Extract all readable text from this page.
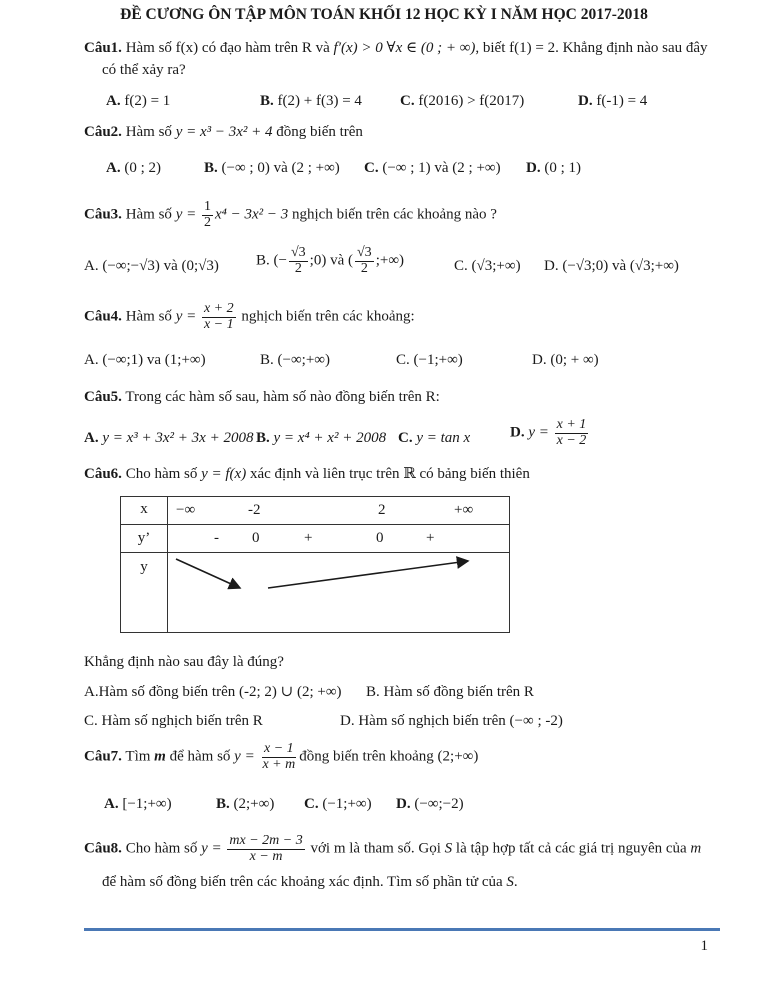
ĐỀ CƯƠNG ÔN TẬP MÔN TOÁN KHỐI 12 HỌC KỲ I NĂM HỌC 2017-2018
Câu1. Hàm số f(x) có đạo hàm trên R và f′(x) > 0 ∀x ∈ (0 ; + ∞), biết f(1) = 2. Khẳng định nào sau đây
có thể xảy ra?
A. f(2) = 1	B. f(2) + f(3) = 4	C. f(2016) > f(2017)	D. f(-1) = 4
Câu2. Hàm số y = x³ − 3x² + 4 đồng biến trên
A. (0 ; 2)	B. (−∞ ; 0) và (2 ; +∞) C. (−∞ ; 1) và (2 ; +∞) D. (0 ; 1)
Câu3. Hàm số $y = \frac{1}{2} x^4 - 3x^2 - 3$ nghịch biến trên các khoảng nào ?
A. (−∞;−√3) và (0;√3) B. (− $\frac{√3}{2}$ ;0) và ( $\frac{√3}{2}$ ;+∞)	C. (√3;+∞) D. (−√3;0) và (√3;+∞)
Câu4. Hàm số $y = \frac{x + 2}{x - 1}$ nghịch biến trên các khoảng:
A. (−∞;1) va (1;+∞)	B. (−∞;+∞)	C. (−1;+∞)	D. (0; + ∞)
Câu5. Trong các hàm số sau, hàm số nào đồng biến trên R:
A. y = x³ + 3x² + 3x + 2008 B. y = x⁴ + x² + 2008 C. y = tan x	D. $y = \frac{x + 1}{x - 2}$
Câu6. Cho hàm số y = f(x) xác định và liên trục trên ℝ có bảng biến thiên
x	−∞ -2 2 +∞

y’	- 0 + 0 +

y	
Khẳng định nào sau đây là đúng?
A.Hàm số đồng biến trên (-2; 2) ∪ (2; +∞) B. Hàm số đồng biến trên R
C. Hàm số nghịch biến trên R	D. Hàm số nghịch biến trên (−∞ ; -2)
Câu7. Tìm m để hàm số $y = \frac{x - 1}{x + m}$ đồng biến trên khoảng (2;+∞)
A. [−1;+∞)	B. (2;+∞) C. (−1;+∞) D. (−∞;−2)
Câu8. Cho hàm số $y = \frac{mx - 2m - 3}{x - m}$ với m là tham số. Gọi S là tập hợp tất cả các giá trị nguyên của m
để hàm số đồng biến trên các khoảng xác định. Tìm số phần tử của S.
1
